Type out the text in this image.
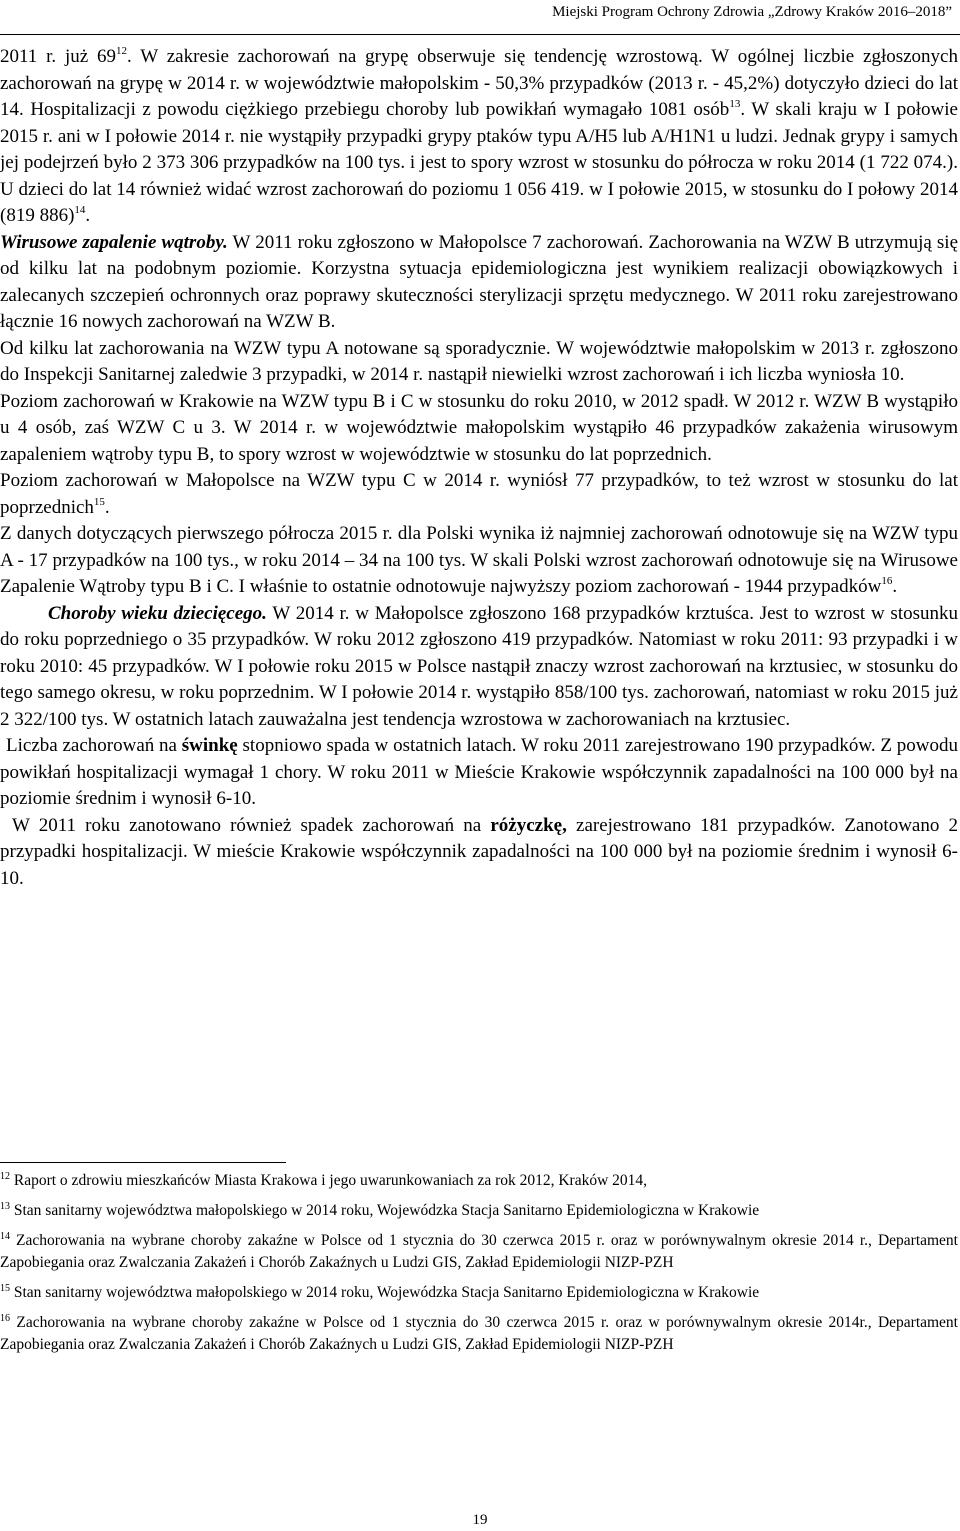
Miejski Program Ochrony Zdrowia „Zdrowy Kraków 2016–2018”

2011 r. już $69^{12}$. W zakresie zachorowań na grypę obserwuje się tendencję wzrostową. W ogólnej liczbie zgłoszonych zachorowań na grypę w 2014 r. w województwie małopolskim - 50,3% przypadków (2013 r. - 45,2%) dotyczyło dzieci do lat 14. Hospitalizacji z powodu ciężkiego przebiegu choroby lub powikłań wymagało 1081 osób$^{13}$. W skali kraju w I połowie 2015 r. ani w I połowie 2014 r. nie wystąpiły przypadki grypy ptaków typu A/H5 lub A/H1N1 u ludzi. Jednak grypy i samych jej podejrzeń było 2 373 306 przypadków na 100 tys. i jest to spory wzrost w stosunku do półrocza w roku 2014 (1 722 074.). U dzieci do lat 14 również widać wzrost zachorowań do poziomu 1 056 419. w I połowie 2015, w stosunku do I połowy 2014 (819 886)$^{14}$.

Wirusowe zapalenie wątroby. W 2011 roku zgłoszono w Małopolsce 7 zachorowań. Zachorowania na WZW B utrzymują się od kilku lat na podobnym poziomie. Korzystna sytuacja epidemiologiczna jest wynikiem realizacji obowiązkowych i zalecanych szczepień ochronnych oraz poprawy skuteczności sterylizacji sprzętu medycznego. W 2011 roku zarejestrowano łącznie 16 nowych zachorowań na WZW B.

Od kilku lat zachorowania na WZW typu A notowane są sporadycznie. W województwie małopolskim w 2013 r. zgłoszono do Inspekcji Sanitarnej zaledwie 3 przypadki, w 2014 r. nastąpił niewielki wzrost zachorowań i ich liczba wyniosła 10.

Poziom zachorowań w Krakowie na WZW typu B i C w stosunku do roku 2010, w 2012 spadł. W 2012 r. WZW B wystąpiło u 4 osób, zaś WZW C u 3. W 2014 r. w województwie małopolskim wystąpiło 46 przypadków zakażenia wirusowym zapaleniem wątroby typu B, to spory wzrost w województwie w stosunku do lat poprzednich.

Poziom zachorowań w Małopolsce na WZW typu C w 2014 r. wyniósł 77 przypadków, to też wzrost w stosunku do lat poprzednich$^{15}$.

Z danych dotyczących pierwszego półrocza 2015 r. dla Polski wynika iż najmniej zachorowań odnotowuje się na WZW typu A - 17 przypadków na 100 tys., w roku 2014 – 34 na 100 tys. W skali Polski wzrost zachorowań odnotowuje się na Wirusowe Zapalenie Wątroby typu B i C. I właśnie to ostatnie odnotowuje najwyższy poziom zachorowań - 1944 przypadków$^{16}$.

Choroby wieku dziecięcego. W 2014 r. w Małopolsce zgłoszono 168 przypadków krztuśca. Jest to wzrost w stosunku do roku poprzedniego o 35 przypadków. W roku 2012 zgłoszono 419 przypadków. Natomiast w roku 2011: 93 przypadki i w roku 2010: 45 przypadków. W I połowie roku 2015 w Polsce nastąpił znaczy wzrost zachorowań na krztusiec, w stosunku do tego samego okresu, w roku poprzednim. W I połowie 2014 r. wystąpiło 858/100 tys. zachorowań, natomiast w roku 2015 już 2 322/100 tys. W ostatnich latach zauważalna jest tendencja wzrostowa w zachorowaniach na krztusiec.

Liczba zachorowań na świnkę stopniowo spada w ostatnich latach. W roku 2011 zarejestrowano 190 przypadków. Z powodu powikłań hospitalizacji wymagał 1 chory. W roku 2011 w Mieście Krakowie współczynnik zapadalności na 100 000 był na poziomie średnim i wynosił 6-10.

W 2011 roku zanotowano również spadek zachorowań na różyczkę, zarejestrowano 181 przypadków. Zanotowano 2 przypadki hospitalizacji. W mieście Krakowie współczynnik zapadalności na 100 000 był na poziomie średnim i wynosił 6-10.

$^{12}$ Raport o zdrowiu mieszkańców Miasta Krakowa i jego uwarunkowaniach za rok 2012, Kraków 2014,

$^{13}$ Stan sanitarny województwa małopolskiego w 2014 roku, Wojewódzka Stacja Sanitarno Epidemiologiczna w Krakowie

$^{14}$ Zachorowania na wybrane choroby zakaźne w Polsce od 1 stycznia do 30 czerwca 2015 r. oraz w porównywalnym okresie 2014 r., Departament Zapobiegania oraz Zwalczania Zakażeń i Chorób Zakaźnych u Ludzi GIS, Zakład Epidemiologii NIZP-PZH

$^{15}$ Stan sanitarny województwa małopolskiego w 2014 roku, Wojewódzka Stacja Sanitarno Epidemiologiczna w Krakowie

$^{16}$ Zachorowania na wybrane choroby zakaźne w Polsce od 1 stycznia do 30 czerwca 2015 r. oraz w porównywalnym okresie 2014r., Departament Zapobiegania oraz Zwalczania Zakażeń i Chorób Zakaźnych u Ludzi GIS, Zakład Epidemiologii NIZP-PZH

19
